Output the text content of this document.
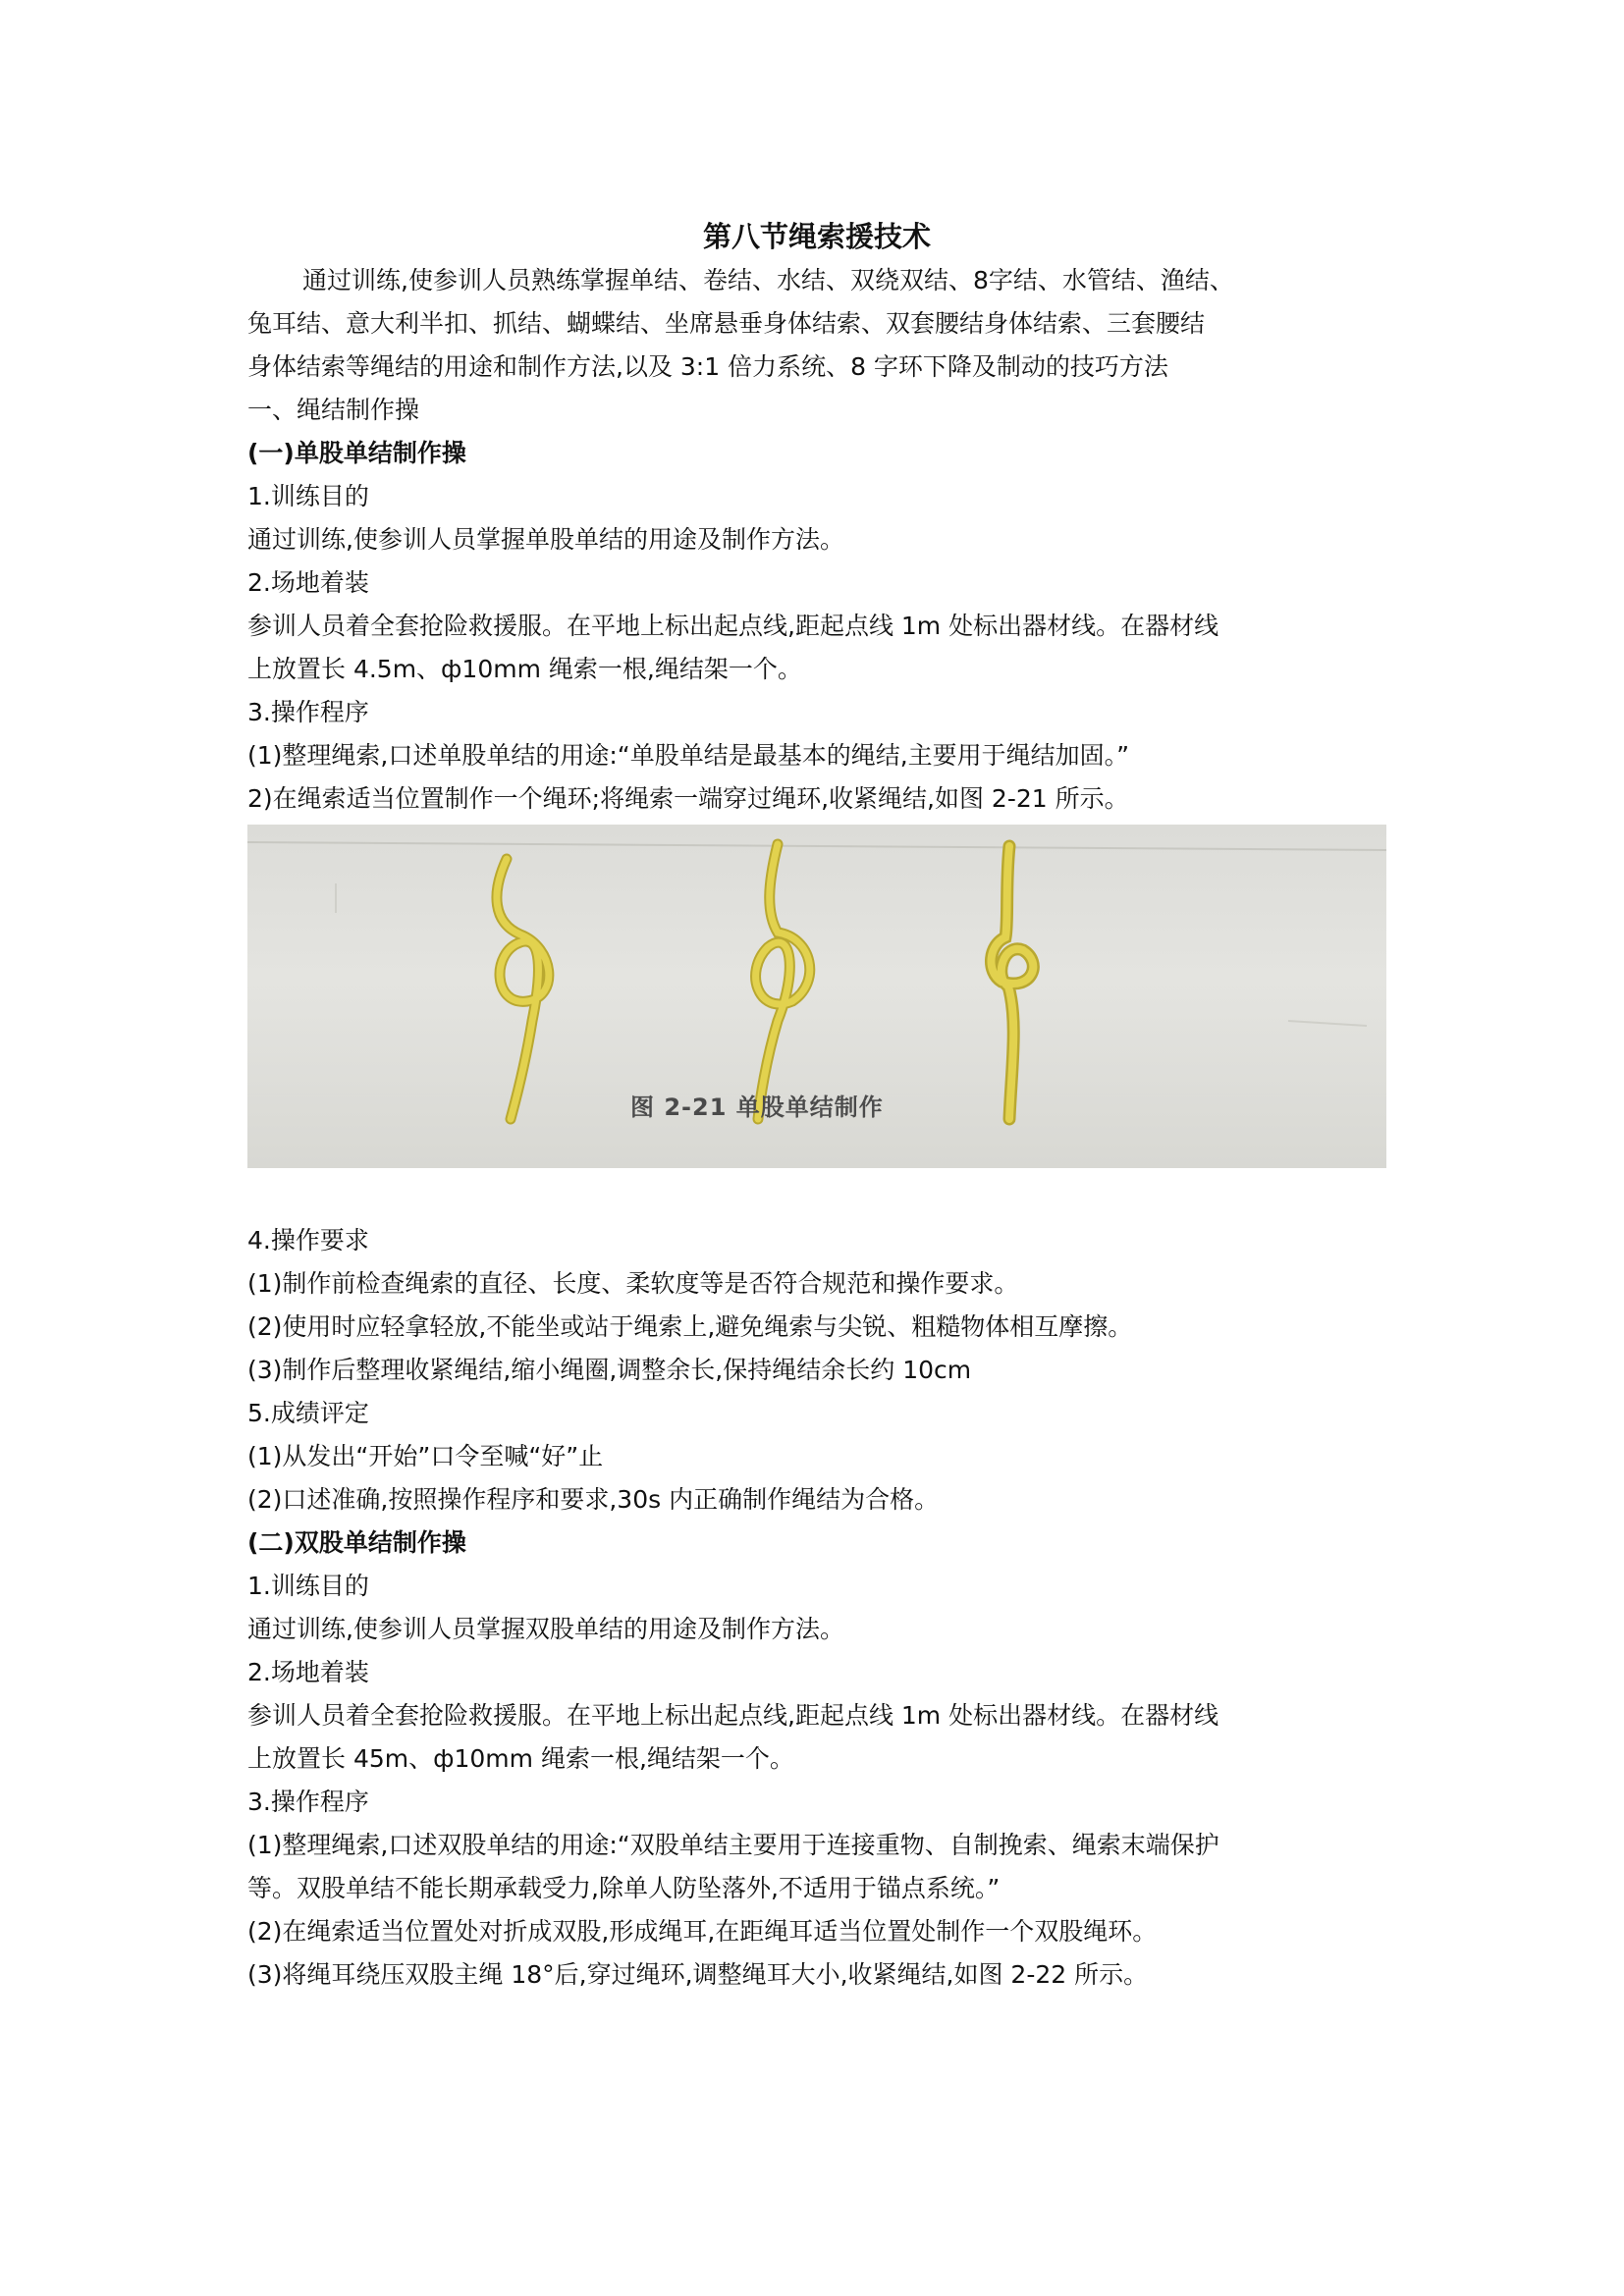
第八节绳索援技术

通过训练,使参训人员熟练掌握单结、卷结、水结、双绕双结、8字结、水管结、渔结、

兔耳结、意大利半扣、抓结、蝴蝶结、坐席悬垂身体结索、双套腰结身体结索、三套腰结

身体结索等绳结的用途和制作方法,以及 3:1 倍力系统、8 字环下降及制动的技巧方法

一、绳结制作操

(一)单股单结制作操

1.训练目的

通过训练,使参训人员掌握单股单结的用途及制作方法。

2.场地着装

参训人员着全套抢险救援服。在平地上标出起点线,距起点线 1m 处标出器材线。在器材线

上放置长 4.5m、ф10mm 绳索一根,绳结架一个。

3.操作程序

(1)整理绳索,口述单股单结的用途:“单股单结是最基本的绳结,主要用于绳结加固。”

2)在绳索适当位置制作一个绳环;将绳索一端穿过绳环,收紧绳结,如图 2-21 所示。

图 2-21 单股单结制作

4.操作要求

(1)制作前检查绳索的直径、长度、柔软度等是否符合规范和操作要求。

(2)使用时应轻拿轻放,不能坐或站于绳索上,避免绳索与尖锐、粗糙物体相互摩擦。

(3)制作后整理收紧绳结,缩小绳圈,调整余长,保持绳结余长约 10cm

5.成绩评定

(1)从发出“开始”口令至喊“好”止

(2)口述准确,按照操作程序和要求,30s 内正确制作绳结为合格。

(二)双股单结制作操

1.训练目的

通过训练,使参训人员掌握双股单结的用途及制作方法。

2.场地着装

参训人员着全套抢险救援服。在平地上标出起点线,距起点线 1m 处标出器材线。在器材线

上放置长 45m、ф10mm 绳索一根,绳结架一个。

3.操作程序

(1)整理绳索,口述双股单结的用途:“双股单结主要用于连接重物、自制挽索、绳索末端保护

等。双股单结不能长期承载受力,除单人防坠落外,不适用于锚点系统。”

(2)在绳索适当位置处对折成双股,形成绳耳,在距绳耳适当位置处制作一个双股绳环。

(3)将绳耳绕压双股主绳 18°后,穿过绳环,调整绳耳大小,收紧绳结,如图 2-22 所示。
